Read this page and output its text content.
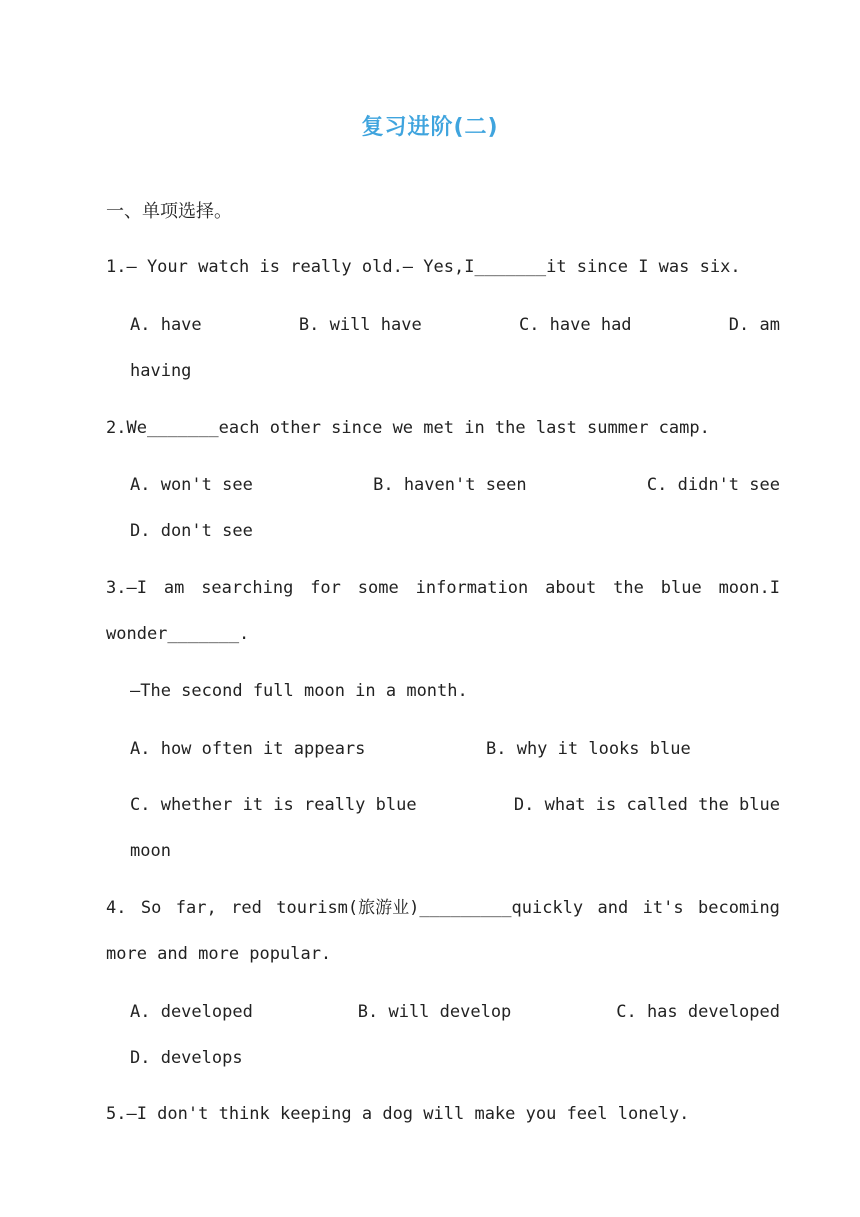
复习进阶(二)
一、单项选择。
1.— Your watch is really old.— Yes,I_______it since I was six.
A. have	B. will have	C. have had	D. am
having
2.We_______each other since we met in the last summer camp.
A. won't see	B. haven't seen	C. didn't see
D. don't see
3.—I am searching for some information about the blue moon.I
wonder_______.
—The second full moon in a month.
A. how often it appears	B. why it looks blue
C. whether it is really blue	D. what is called the blue
moon
4. So far, red tourism(旅游业)_________quickly and it's becoming
more and more popular.
A. developed	B. will develop	C. has developed
D. develops
5.—I don't think keeping a dog will make you feel lonely.
